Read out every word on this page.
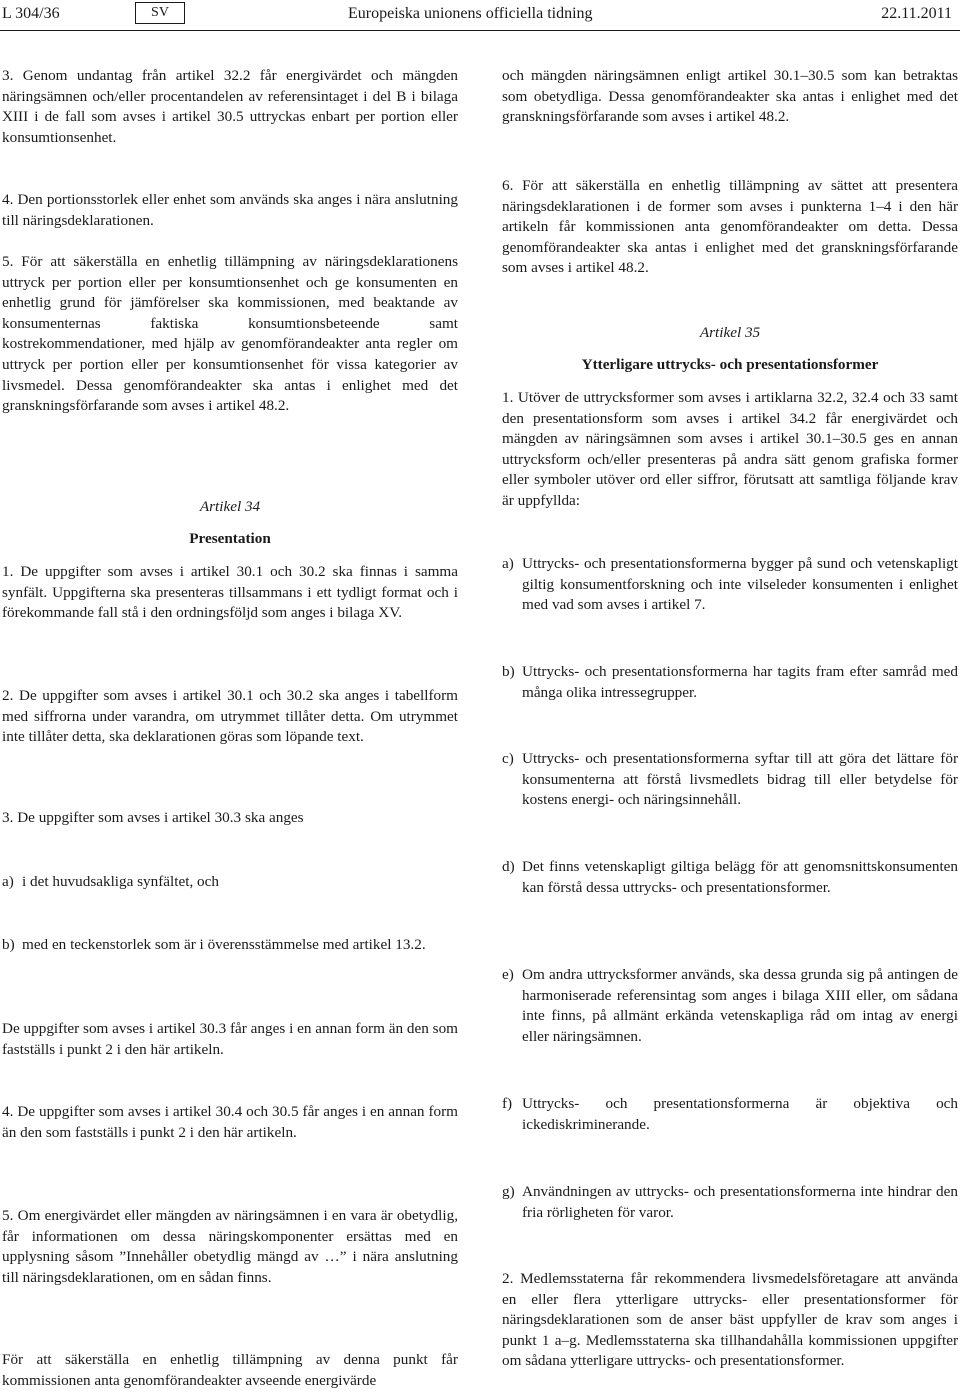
L 304/36	SV	Europeiska unionens officiella tidning	22.11.2011

3. Genom undantag från artikel 32.2 får energivärdet och mängden näringsämnen och/eller procentandelen av referensintaget i del B i bilaga XIII i de fall som avses i artikel 30.5 uttryckas enbart per portion eller konsumtionsenhet.

4. Den portionsstorlek eller enhet som används ska anges i nära anslutning till näringsdeklarationen.

5. För att säkerställa en enhetlig tillämpning av näringsdeklarationens uttryck per portion eller per konsumtionsenhet och ge konsumenten en enhetlig grund för jämförelser ska kommissionen, med beaktande av konsumenternas faktiska konsumtionsbeteende samt kostrekommendationer, med hjälp av genomförandeakter anta regler om uttryck per portion eller per konsumtionsenhet för vissa kategorier av livsmedel. Dessa genomförandeakter ska antas i enlighet med det granskningsförfarande som avses i artikel 48.2.

Artikel 34
Presentation

1. De uppgifter som avses i artikel 30.1 och 30.2 ska finnas i samma synfält. Uppgifterna ska presenteras tillsammans i ett tydligt format och i förekommande fall stå i den ordningsföljd som anges i bilaga XV.

2. De uppgifter som avses i artikel 30.1 och 30.2 ska anges i tabellform med siffrorna under varandra, om utrymmet tillåter detta. Om utrymmet inte tillåter detta, ska deklarationen göras som löpande text.

3. De uppgifter som avses i artikel 30.3 ska anges

a) i det huvudsakliga synfältet, och
b) med en teckenstorlek som är i överensstämmelse med artikel 13.2.

De uppgifter som avses i artikel 30.3 får anges i en annan form än den som fastställs i punkt 2 i den här artikeln.

4. De uppgifter som avses i artikel 30.4 och 30.5 får anges i en annan form än den som fastställs i punkt 2 i den här artikeln.

5. Om energivärdet eller mängden av näringsämnen i en vara är obetydlig, får informationen om dessa näringskomponenter ersättas med en upplysning såsom ”Innehåller obetydlig mängd av …” i nära anslutning till näringsdeklarationen, om en sådan finns.

För att säkerställa en enhetlig tillämpning av denna punkt får kommissionen anta genomförandeakter avseende energivärde

och mängden näringsämnen enligt artikel 30.1–30.5 som kan betraktas som obetydliga. Dessa genomförandeakter ska antas i enlighet med det granskningsförfarande som avses i artikel 48.2.

6. För att säkerställa en enhetlig tillämpning av sättet att presentera näringsdeklarationen i de former som avses i punkterna 1–4 i den här artikeln får kommissionen anta genomförandeakter om detta. Dessa genomförandeakter ska antas i enlighet med det granskningsförfarande som avses i artikel 48.2.

Artikel 35
Ytterligare uttrycks- och presentationsformer

1. Utöver de uttrycksformer som avses i artiklarna 32.2, 32.4 och 33 samt den presentationsform som avses i artikel 34.2 får energivärdet och mängden av näringsämnen som avses i artikel 30.1–30.5 ges en annan uttrycksform och/eller presenteras på andra sätt genom grafiska former eller symboler utöver ord eller siffror, förutsatt att samtliga följande krav är uppfyllda:

a) Uttrycks- och presentationsformerna bygger på sund och vetenskapligt giltig konsumentforskning och inte vilseleder konsumenten i enlighet med vad som avses i artikel 7.
b) Uttrycks- och presentationsformerna har tagits fram efter samråd med många olika intressegrupper.
c) Uttrycks- och presentationsformerna syftar till att göra det lättare för konsumenterna att förstå livsmedlets bidrag till eller betydelse för kostens energi- och näringsinnehåll.
d) Det finns vetenskapligt giltiga belägg för att genomsnittskonsumenten kan förstå dessa uttrycks- och presentationsformer.
e) Om andra uttrycksformer används, ska dessa grunda sig på antingen de harmoniserade referensintag som anges i bilaga XIII eller, om sådana inte finns, på allmänt erkända vetenskapliga råd om intag av energi eller näringsämnen.
f) Uttrycks- och presentationsformerna är objektiva och ickediskriminerande.
g) Användningen av uttrycks- och presentationsformerna inte hindrar den fria rörligheten för varor.

2. Medlemsstaterna får rekommendera livsmedelsföretagare att använda en eller flera ytterligare uttrycks- eller presentationsformer för näringsdeklarationen som de anser bäst uppfyller de krav som anges i punkt 1 a–g. Medlemsstaterna ska tillhandahålla kommissionen uppgifter om sådana ytterligare uttrycks- och presentationsformer.
